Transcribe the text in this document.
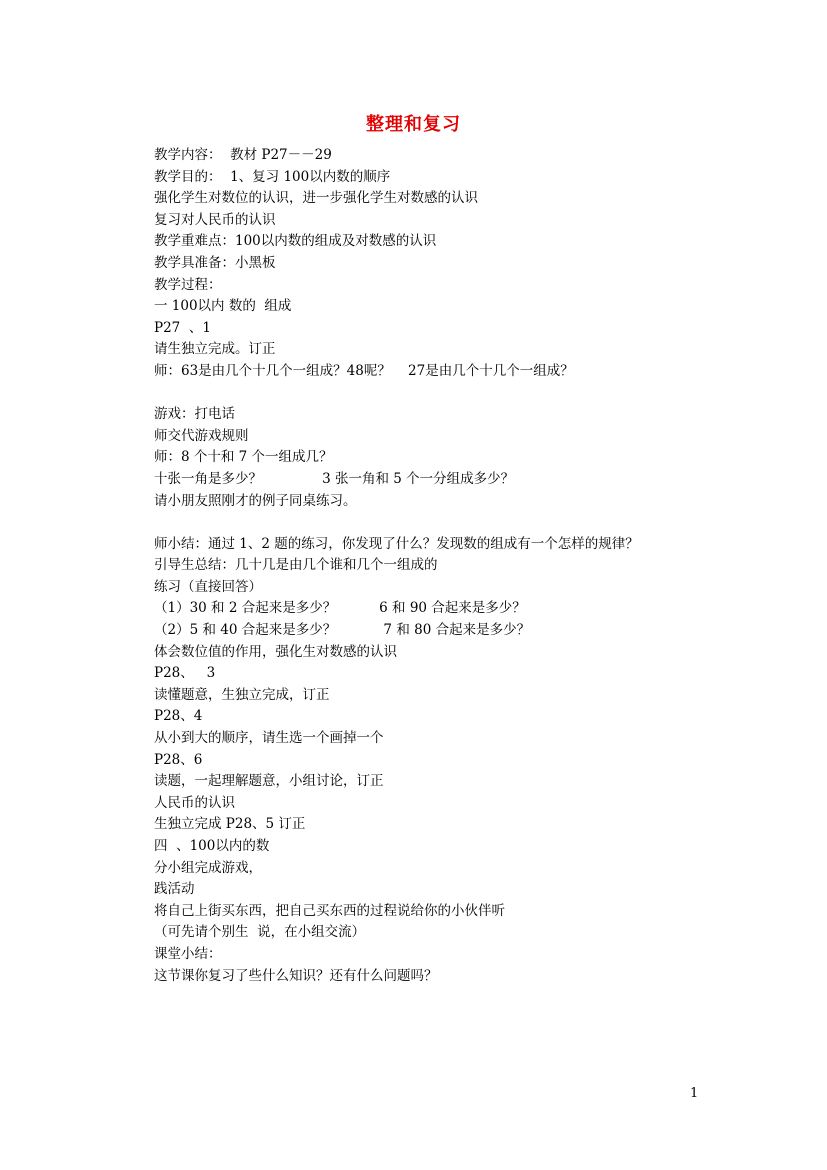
整理和复习
教学内容：  教材 P27－－29
教学目的：  1、复习 100以内数的顺序
强化学生对数位的认识，进一步强化学生对数感的认识
复习对人民币的认识
教学重难点：100以内数的组成及对数感的认识
教学具准备：小黑板
教学过程：
一 100以内 数的  组成
P27  、1
请生独立完成。订正
师：63是由几个十几个一组成？48呢？    27是由几个十几个一组成？
游戏：打电话
师交代游戏规则
师：8 个十和 7 个一组成几？
十张一角是多少？              3 张一角和 5 个一分组成多少？
请小朋友照刚才的例子同桌练习。
师小结：通过 1、2 题的练习，你发现了什么？发现数的组成有一个怎样的规律？
引导生总结：几十几是由几个谁和几个一组成的
练习（直接回答）
（1）30 和 2 合起来是多少？          6 和 90 合起来是多少？
（2）5 和 40 合起来是多少？           7 和 80 合起来是多少？
体会数位值的作用，强化生对数感的认识
P28、   3
读懂题意，生独立完成，订正
P28、4
从小到大的顺序，请生选一个画掉一个
P28、6
读题，一起理解题意，小组讨论，订正
人民币的认识
生独立完成 P28、5 订正
四  、100以内的数
分小组完成游戏，
践活动
将自己上街买东西，把自己买东西的过程说给你的小伙伴听
（可先请个别生  说，在小组交流）
课堂小结：
这节课你复习了些什么知识？还有什么问题吗？
1
